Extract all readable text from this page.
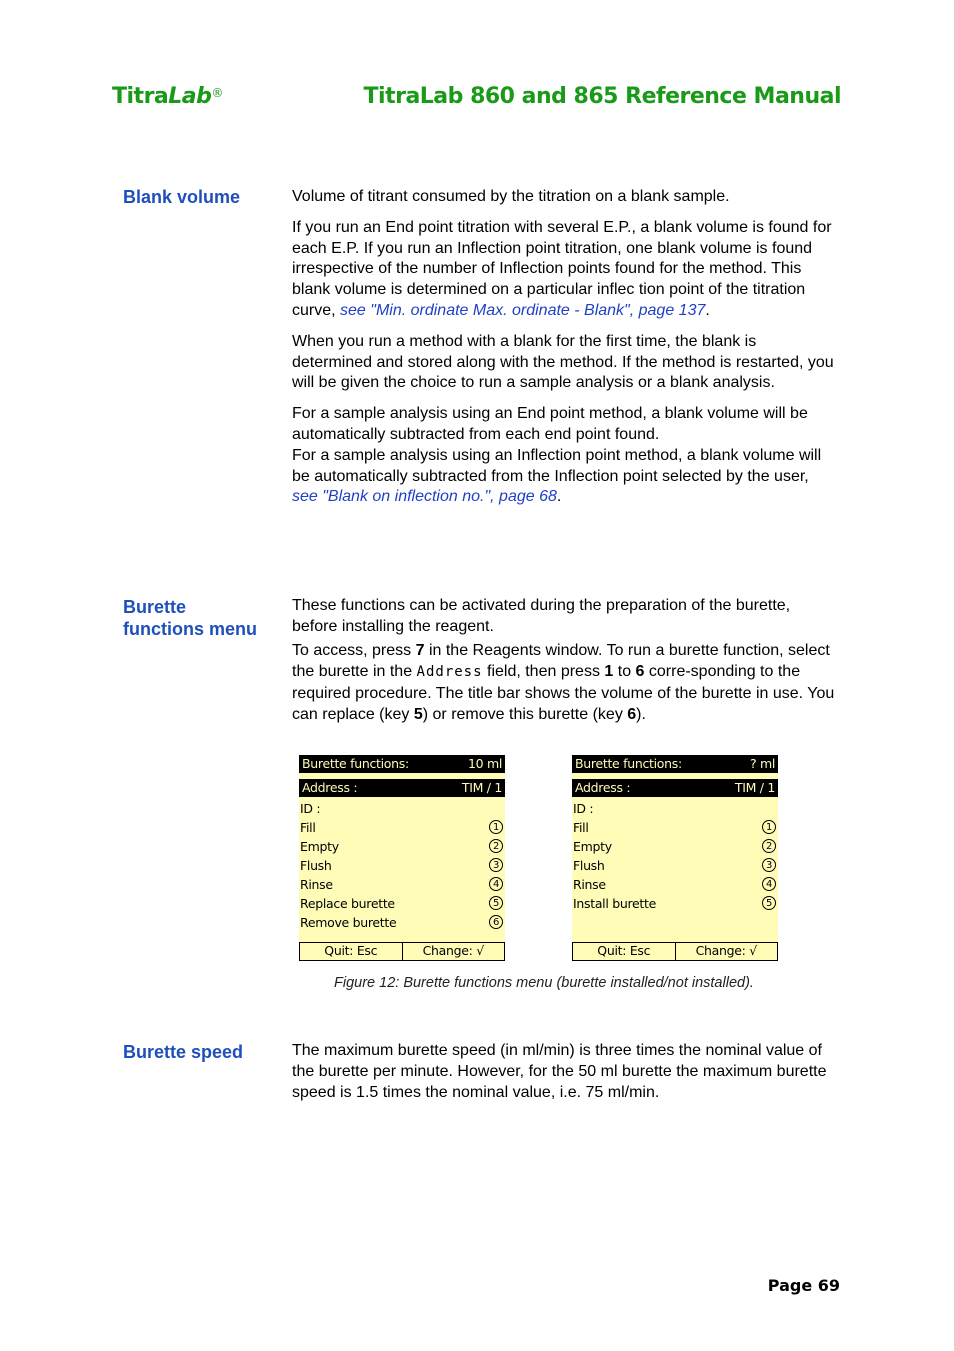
TitraLab®	TitraLab 860 and 865 Reference Manual
Blank volume	Volume of titrant consumed by the titration on a blank sample.

If you run an End point titration with several E.P., a blank volume is found for each E.P. If you run an Inflection point titration, one blank volume is found irrespective of the number of Inflection points found for the method. This blank volume is determined on a particular inflec tion point of the titration curve, see "Min. ordinate Max. ordinate - Blank", page 137.

When you run a method with a blank for the first time, the blank is determined and stored along with the method. If the method is restarted, you will be given the choice to run a sample analysis or a blank analysis.

For a sample analysis using an End point method, a blank volume will be automatically subtracted from each end point found.
For a sample analysis using an Inflection point method, a blank volume will be automatically subtracted from the Inflection point selected by the user, see "Blank on inflection no.", page 68.

Burette
functions menu

These functions can be activated during the preparation of the burette, before installing the reagent.

To access, press 7 in the Reagents window. To run a burette function, select the burette in the Address field, then press 1 to 6 corre-sponding to the required procedure. The title bar shows the volume of the burette in use. You can replace (key 5) or remove this burette (key 6).

Burette functions:	10 ml
Address :	TIM / 1
ID :
Fill	1
Empty	2
Flush	3
Rinse	4
Replace burette	5
Remove burette	6
Quit: Esc	Change: √
Burette functions:	? ml
Address :	TIM / 1
ID :
Fill	1
Empty	2
Flush	3
Rinse	4
Install burette	5
Quit: Esc	Change: √
Figure 12: Burette functions menu (burette installed/not installed).
Burette speed	The maximum burette speed (in ml/min) is three times the nominal value of the burette per minute. However, for the 50 ml burette the maximum burette speed is 1.5 times the nominal value, i.e. 75 ml/min.

Page 69
